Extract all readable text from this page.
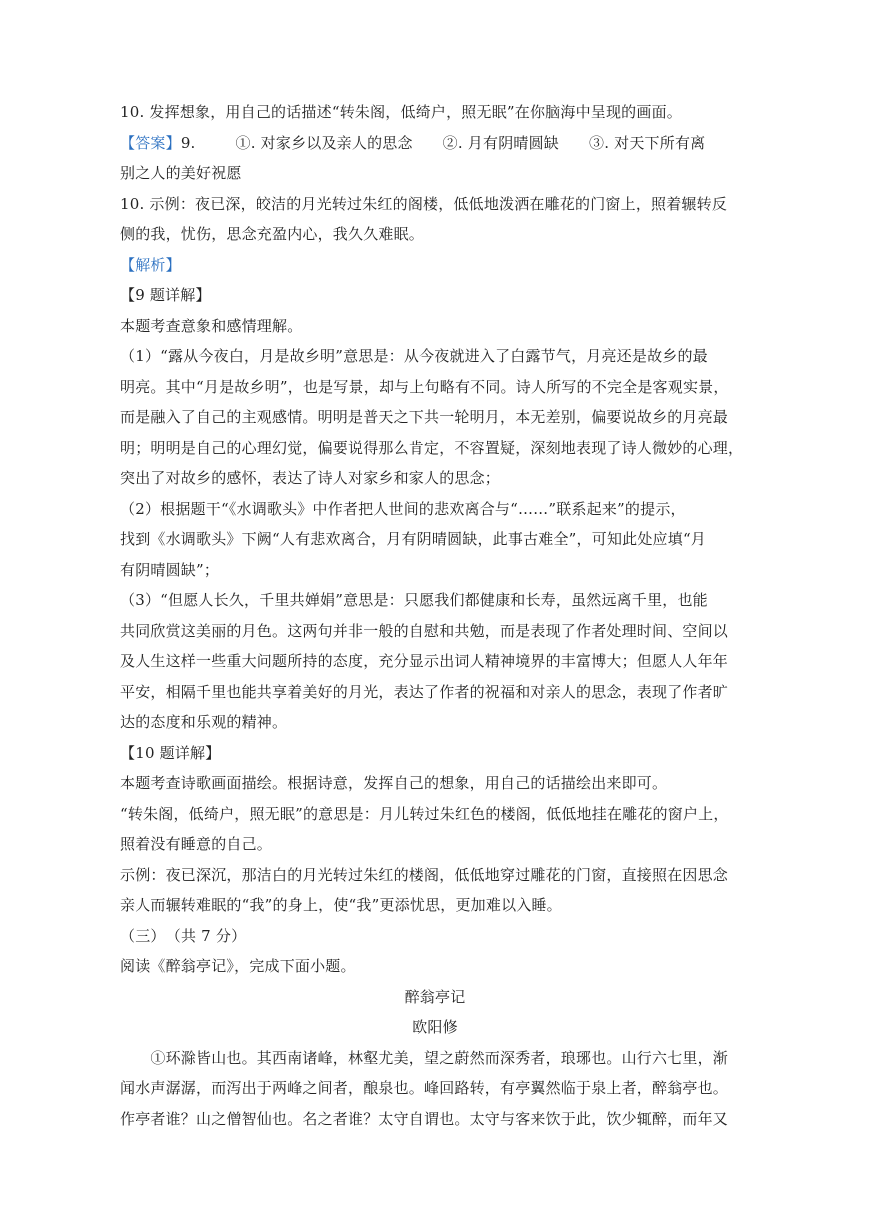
10. 发挥想象，用自己的话描述“转朱阁，低绮户，照无眠”在你脑海中呈现的画面。
【答案】9.	①. 对家乡以及亲人的思念 ②. 月有阴晴圆缺 ③. 对天下所有离
别之人的美好祝愿
10. 示例：夜已深，皎洁的月光转过朱红的阁楼，低低地泼洒在雕花的门窗上，照着辗转反
侧的我，忧伤，思念充盈内心，我久久难眠。
【解析】
【9 题详解】
本题考查意象和感情理解。
（1）“露从今夜白，月是故乡明”意思是：从今夜就进入了白露节气，月亮还是故乡的最
明亮。其中“月是故乡明”，也是写景，却与上句略有不同。诗人所写的不完全是客观实景，
而是融入了自己的主观感情。明明是普天之下共一轮明月，本无差别，偏要说故乡的月亮最
明；明明是自己的心理幻觉，偏要说得那么肯定，不容置疑，深刻地表现了诗人微妙的心理，
突出了对故乡的感怀，表达了诗人对家乡和家人的思念；
（2）根据题干“《水调歌头》中作者把人世间的悲欢离合与“……”联系起来”的提示，
找到《水调歌头》下阙“人有悲欢离合，月有阴晴圆缺，此事古难全”，可知此处应填“月
有阴晴圆缺”；
（3）“但愿人长久，千里共婵娟”意思是：只愿我们都健康和长寿，虽然远离千里，也能
共同欣赏这美丽的月色。这两句并非一般的自慰和共勉，而是表现了作者处理时间、空间以
及人生这样一些重大问题所持的态度，充分显示出词人精神境界的丰富博大；但愿人人年年
平安，相隔千里也能共享着美好的月光，表达了作者的祝福和对亲人的思念，表现了作者旷
达的态度和乐观的精神。
【10 题详解】
本题考查诗歌画面描绘。根据诗意，发挥自己的想象，用自己的话描绘出来即可。
“转朱阁，低绮户，照无眠”的意思是：月儿转过朱红色的楼阁，低低地挂在雕花的窗户上，
照着没有睡意的自己。
示例：夜已深沉，那洁白的月光转过朱红的楼阁，低低地穿过雕花的门窗，直接照在因思念
亲人而辗转难眠的“我”的身上，使“我”更添忧思，更加难以入睡。
（三）　（共 7 分）
阅读《醉翁亭记》，完成下面小题。
醉翁亭记
欧阳修
　　①环滁皆山也。其西南诸峰，林壑尤美，望之蔚然而深秀者，琅琊也。山行六七里，渐
闻水声潺潺，而泻出于两峰之间者，酿泉也。峰回路转，有亭翼然临于泉上者，醉翁亭也。
作亭者谁？山之僧智仙也。名之者谁？太守自谓也。太守与客来饮于此，饮少辄醉，而年又
